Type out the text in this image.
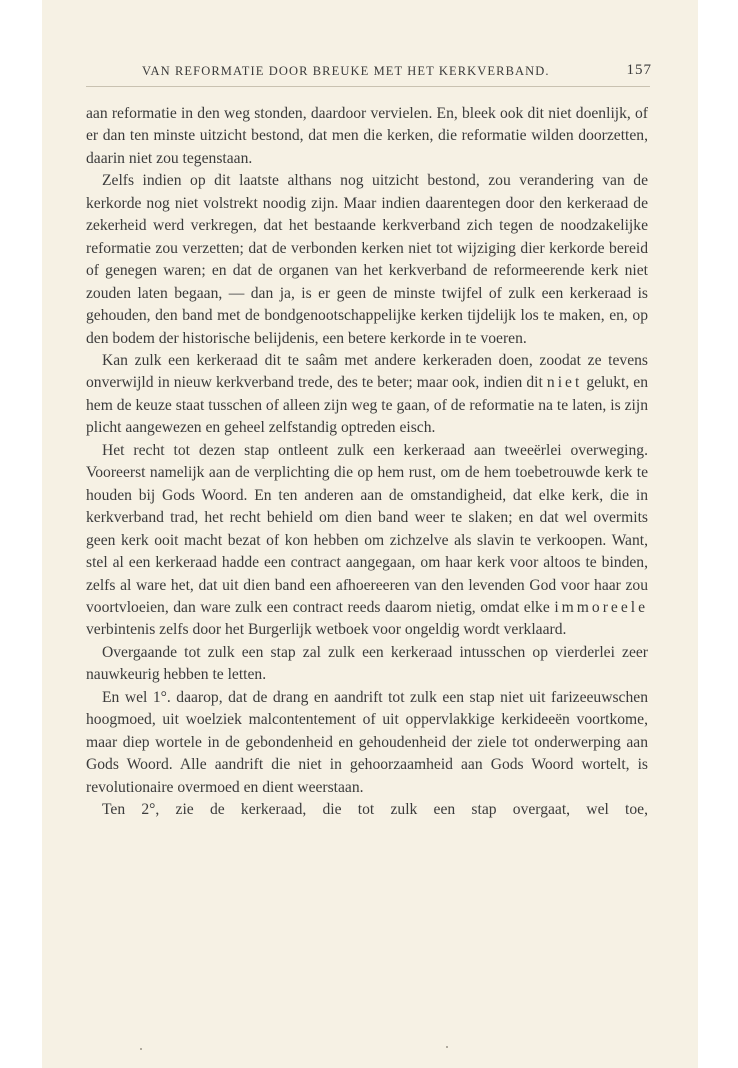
VAN REFORMATIE DOOR BREUKE MET HET KERKVERBAND.	157

aan reformatie in den weg stonden, daardoor vervielen. En, bleek ook dit niet doenlijk, of er dan ten minste uitzicht bestond, dat men die kerken, die reformatie wilden doorzetten, daarin niet zou tegenstaan.

Zelfs indien op dit laatste althans nog uitzicht bestond, zou verandering van de kerkorde nog niet volstrekt noodig zijn. Maar indien daarentegen door den kerkeraad de zekerheid werd verkregen, dat het bestaande kerkverband zich tegen de noodzakelijke reformatie zou verzetten; dat de verbonden kerken niet tot wijziging dier kerkorde bereid of genegen waren; en dat de organen van het kerkverband de reformeerende kerk niet zouden laten begaan, — dan ja, is er geen de minste twijfel of zulk een kerkeraad is gehouden, den band met de bondgenootschappelijke kerken tijdelijk los te maken, en, op den bodem der historische belijdenis, een betere kerkorde in te voeren.

Kan zulk een kerkeraad dit te saâm met andere kerkeraden doen, zoodat ze tevens onverwijld in nieuw kerkverband trede, des te beter; maar ook, indien dit niet gelukt, en hem de keuze staat tusschen of alleen zijn weg te gaan, of de reformatie na te laten, is zijn plicht aangewezen en geheel zelfstandig optreden eisch.

Het recht tot dezen stap ontleent zulk een kerkeraad aan tweeërlei overweging. Vooreerst namelijk aan de verplichting die op hem rust, om de hem toebetrouwde kerk te houden bij Gods Woord. En ten anderen aan de omstandigheid, dat elke kerk, die in kerkverband trad, het recht behield om dien band weer te slaken; en dat wel overmits geen kerk ooit macht bezat of kon hebben om zichzelve als slavin te verkoopen. Want, stel al een kerkeraad hadde een contract aangegaan, om haar kerk voor altoos te binden, zelfs al ware het, dat uit dien band een afhoereeren van den levenden God voor haar zou voortvloeien, dan ware zulk een contract reeds daarom nietig, omdat elke immoreele verbintenis zelfs door het Burgerlijk wetboek voor ongeldig wordt verklaard.

Overgaande tot zulk een stap zal zulk een kerkeraad intusschen op vierderlei zeer nauwkeurig hebben te letten.

En wel 1°. daarop, dat de drang en aandrift tot zulk een stap niet uit farizeeuwschen hoogmoed, uit woelziek malcontentement of uit oppervlakkige kerkideeën voortkome, maar diep wortele in de gebondenheid en gehoudenheid der ziele tot onderwerping aan Gods Woord. Alle aandrift die niet in gehoorzaamheid aan Gods Woord wortelt, is revolutionaire overmoed en dient weerstaan.

Ten 2°, zie de kerkeraad, die tot zulk een stap overgaat, wel toe,
